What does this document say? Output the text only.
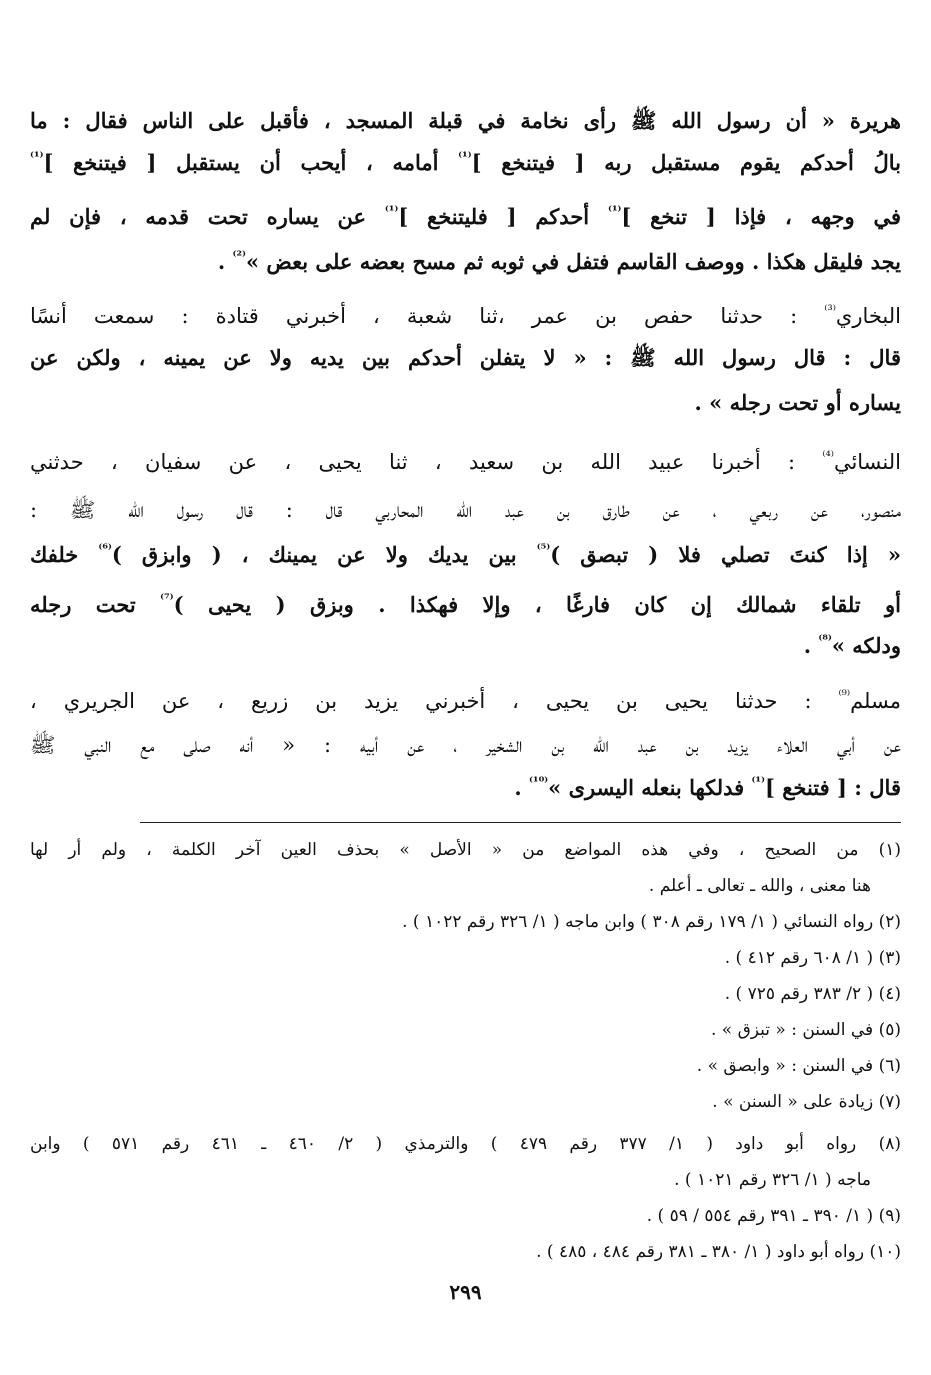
هريرة « أن رسول الله ﷺ رأى نخامة في قبلة المسجد ، فأقبل على الناس فقال : ما
بالُ أحدكم يقوم مستقبل ربه [ فيتنخع ]$^{^{(1)}}$ أمامه ، أيحب أن يستقبل [ فيتنخع ]$^{^{(1)}}$
في وجهه ، فإذا [ تنخع ]$^{^{(1)}}$ أحدكم [ فليتنخع ]$^{^{(1)}}$ عن يساره تحت قدمه ، فإن لم
يجد فليقل هكذا . ووصف القاسم فتفل في ثوبه ثم مسح بعضه على بعض »$^{^{(2)}}$ .
البخاري$^{^{(3)}}$ : حدثنا حفص بن عمر ،ثنا شعبة ، أخبرني قتادة : سمعت أنسًا
قال : قال رسول الله ﷺ : « لا يتفلن أحدكم بين يديه ولا عن يمينه ، ولكن عن
يساره أو تحت رجله » .
النسائي$^{^{(4)}}$ : أخبرنا عبيد الله بن سعيد ، ثنا يحيى ، عن سفيان ، حدثني
منصور، عن ربعي ، عن طارق بن عبد الله المحاربي قال : قال رسول الله ﷺ :
« إذا كنتَ تصلي فلا ( تبصق )$^{^{(5)}}$ بين يديك ولا عن يمينك ، ( وابزق )$^{^{(6)}}$ خلفك
أو تلقاء شمالك إن كان فارغًا ، وإلا فهكذا . وبزق ( يحيى )$^{^{(7)}}$ تحت رجله
ودلكه »$^{^{(8)}}$ .
مسلم$^{^{(9)}}$ : حدثنا يحيى بن يحيى ، أخبرني يزيد بن زريع ، عن الجريري ،
عن أبي العلاء يزيد بن عبد الله بن الشخير ، عن أبيه : « أنه صلى مع النبي ﷺ
قال : [ فتنخع ]$^{^{(1)}}$ فدلكها بنعله اليسرى »$^{^{(10)}}$ .
(١) من الصحيح ، وفي هذه المواضع من « الأصل » بحذف العين آخر الكلمة ، ولم أر لها
هنا معنى ، والله ـ تعالى ـ أعلم .
(٢) رواه النسائي ( ١/ ١٧٩ رقم ٣٠٨ ) وابن ماجه ( ١/ ٣٢٦ رقم ١٠٢٢ ) .
(٣) ( ١/ ٦٠٨ رقم ٤١٢ ) .
(٤) ( ٢/ ٣٨٣ رقم ٧٢٥ ) .
(٥) في السنن : « تبزق » .
(٦) في السنن : « وابصق » .
(٧) زيادة على « السنن » .
(٨) رواه أبو داود ( ١/ ٣٧٧ رقم ٤٧٩ ) والترمذي ( ٢/ ٤٦٠ ـ ٤٦١ رقم ٥٧١ ) وابن
ماجه ( ١/ ٣٢٦ رقم ١٠٢١ ) .
(٩) ( ١/ ٣٩٠ ـ ٣٩١ رقم ٥٥٤ / ٥٩ ) .
(١٠) رواه أبو داود ( ١/ ٣٨٠ ـ ٣٨١ رقم ٤٨٤ ، ٤٨٥ ) .
٢٩٩
